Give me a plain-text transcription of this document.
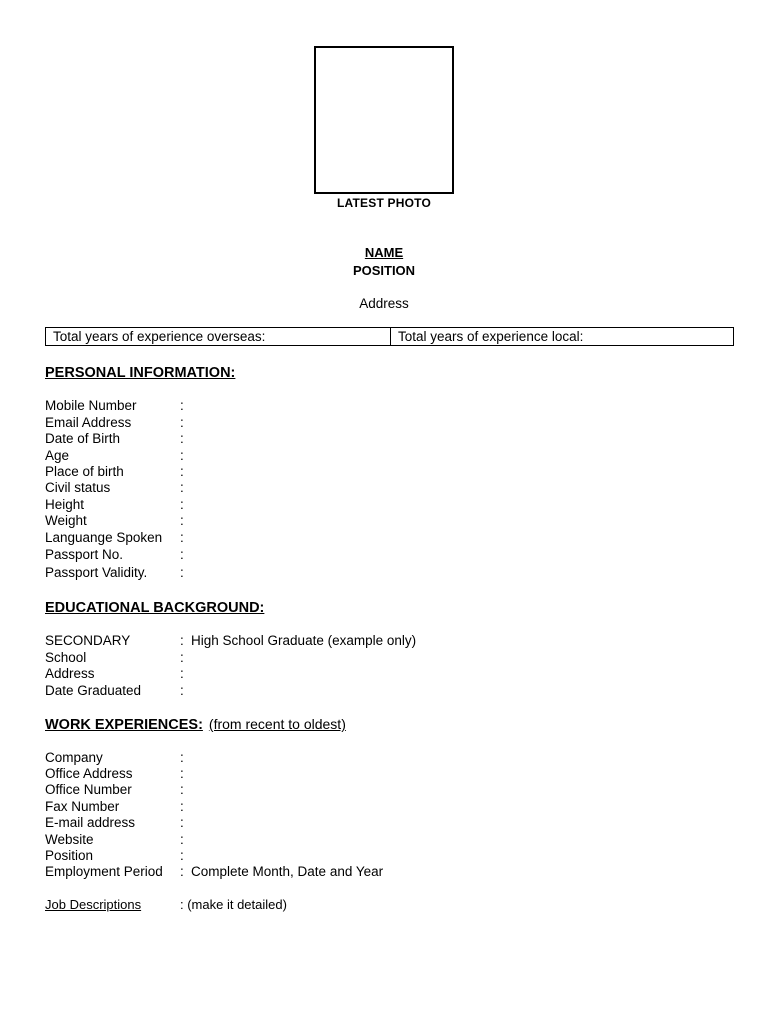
LATEST PHOTO
NAME
POSITION
Address
Total years of experience overseas:	Total years of experience local:
PERSONAL INFORMATION:
Mobile Number	:
Email Address	:
Date of Birth	:
Age	:
Place of birth	:
Civil status	:
Height	:
Weight	:
Languange Spoken :
Passport No.	:
Passport Validity. :
EDUCATIONAL BACKGROUND:
SECONDARY	: High School Graduate (example only)
School	:
Address	:
Date Graduated	:
WORK EXPERIENCES: (from recent to oldest)
Company	:
Office Address	:
Office Number	:
Fax Number	:
E-mail address	:
Website	:
Position	:
Employment Period : Complete Month, Date and Year
Job Descriptions	: (make it detailed)
